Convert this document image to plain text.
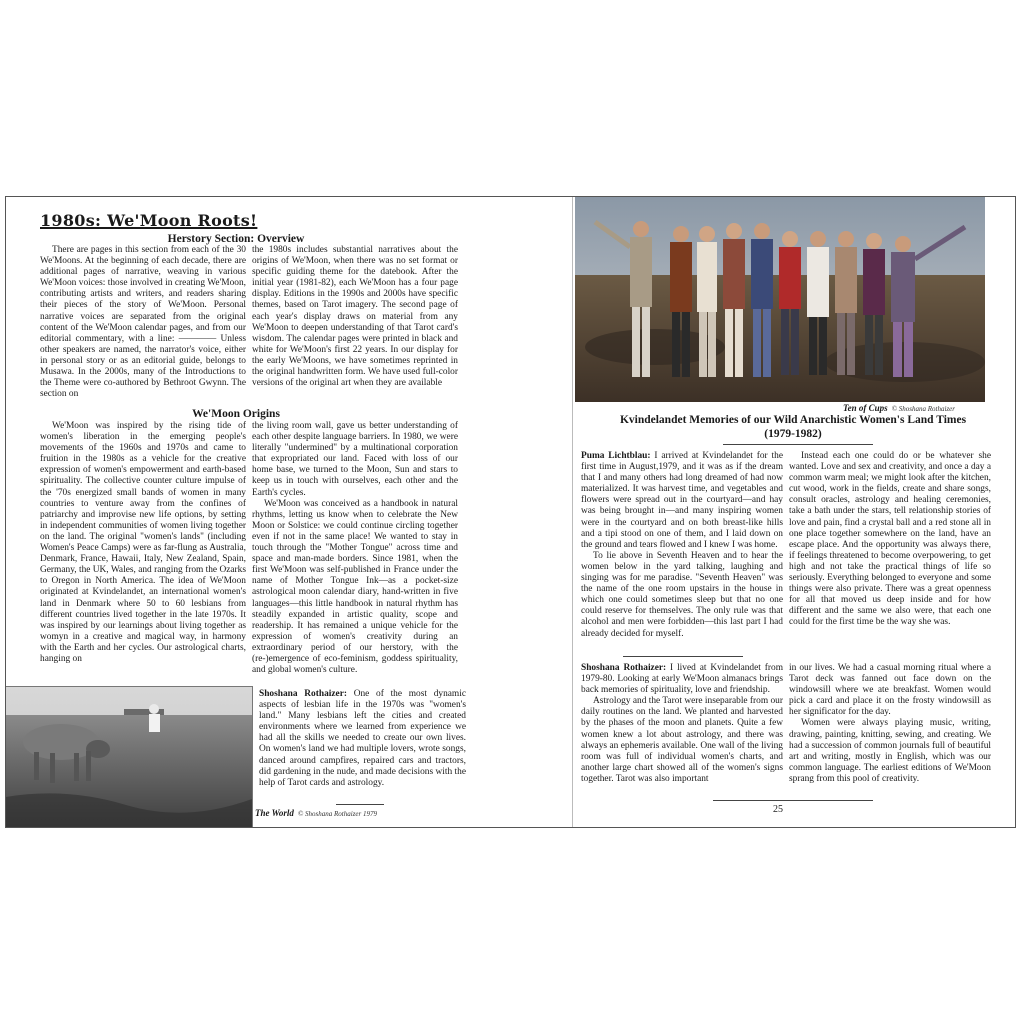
1980s: We'Moon Roots!
Herstory Section: Overview

There are pages in this section from each of the 30 We'Moons. At the beginning of each decade, there are additional pages of narrative, weaving in various We'Moon voices: those involved in creating We'Moon, contributing artists and writers, and readers sharing their pieces of the story of We'Moon. Personal narrative voices are separated from the original content of the We'Moon calendar pages, and from our editorial commentary, with a line: ———— Unless other speakers are named, the narrator's voice, either in personal story or as an editorial guide, belongs to Musawa. In the 2000s, many of the Introductions to the Theme were co-authored by Bethroot Gwynn. The section on

the 1980s includes substantial narratives about the origins of We'Moon, when there was no set format or specific guiding theme for the datebook. After the initial year (1981-82), each We'Moon has a four page display. Editions in the 1990s and 2000s have specific themes, based on Tarot imagery. The second page of each year's display draws on material from any We'Moon to deepen understanding of that Tarot card's wisdom. The calendar pages were printed in black and white for We'Moon's first 22 years. In our display for the early We'Moons, we have sometimes reprinted in the original handwritten form. We have used full-color versions of the original art when they are available

We'Moon Origins

We'Moon was inspired by the rising tide of women's liberation in the emerging people's movements of the 1960s and 1970s and came to fruition in the 1980s as a vehicle for the creative expression of women's empowerment and earth-based spirituality. The collective counter culture impulse of the '70s energized small bands of women in many countries to venture away from the confines of patriarchy and improvise new life options, by setting in independent communities of women living together on the land. The original "women's lands" (including Women's Peace Camps) were as far-flung as Australia, Denmark, France, Hawaii, Italy, New Zealand, Spain, Germany, the UK, Wales, and ranging from the Ozarks to Oregon in North America. The idea of We'Moon originated at Kvindelandet, an international women's land in Denmark where 50 to 60 lesbians from different countries lived together in the late 1970s. It was inspired by our learnings about living together as womyn in a creative and magical way, in harmony with the Earth and her cycles. Our astrological charts, hanging on

the living room wall, gave us better understanding of each other despite language barriers. In 1980, we were literally "undermined" by a multinational corporation that expropriated our land. Faced with loss of our home base, we turned to the Moon, Sun and stars to keep us in touch with ourselves, each other and the Earth's cycles.

We'Moon was conceived as a handbook in natural rhythms, letting us know when to celebrate the New Moon or Solstice: we could continue circling together even if not in the same place! We wanted to stay in touch through the "Mother Tongue" across time and space and man-made borders. Since 1981, when the first We'Moon was self-published in France under the name of Mother Tongue Ink—as a pocket-size astrological moon calendar diary, hand-written in five languages—this little handbook in natural rhythm has steadily expanded in artistic quality, scope and readership. It has remained a unique vehicle for the expression of women's creativity during an extraordinary period of our herstory, with the (re-)emergence of eco-feminism, goddess spirituality, and global women's culture.

Shoshana Rothaizer: One of the most dynamic aspects of lesbian life in the 1970s was "women's land." Many lesbians left the cities and created environments where we learned from experience we had all the skills we needed to create our own lives. On women's land we had multiple lovers, wrote songs, danced around campfires, repaired cars and tractors, did gardening in the nude, and made decisions with the help of Tarot cards and astrology.

The World © Shoshana Rothaizer 1979
Ten of Cups © Shoshana Rothaizer
Kvindelandet Memories of our Wild Anarchistic Women's Land Times
(1979-1982)

Puma Lichtblau: I arrived at Kvindelandet for the first time in August,1979, and it was as if the dream that I and many others had long dreamed of had now materialized. It was harvest time, and vegetables and flowers were spread out in the courtyard—and hay was being brought in—and many inspiring women were in the courtyard and on both breast-like hills and a tipi stood on one of them, and I laid down on the ground and tears flowed and I knew I was home.

To lie above in Seventh Heaven and to hear the women below in the yard talking, laughing and singing was for me paradise. "Seventh Heaven" was the name of the one room upstairs in the house in which one could sometimes sleep but that no one could reserve for themselves. The only rule was that alcohol and men were forbidden—this last part I had already decided for myself.

Instead each one could do or be whatever she wanted. Love and sex and creativity, and once a day a common warm meal; we might look after the kitchen, cut wood, work in the fields, create and share songs, consult oracles, astrology and healing ceremonies, take a bath under the stars, tell relationship stories of love and pain, find a crystal ball and a red stone all in one place together somewhere on the land, have an escape place. And the opportunity was always there, if feelings threatened to become overpowering, to get high and not take the practical things of life so seriously. Everything belonged to everyone and some things were also private. There was a great openness for all that moved us deep inside and for how different and the same we also were, that each one could for the first time be the way she was.

Shoshana Rothaizer: I lived at Kvindelandet from 1979-80. Looking at early We'Moon almanacs brings back memories of spirituality, love and friendship.

Astrology and the Tarot were inseparable from our daily routines on the land. We planted and harvested by the phases of the moon and planets. Quite a few women knew a lot about astrology, and there was always an ephemeris available. One wall of the living room was full of individual women's charts, and another large chart showed all of the women's signs together. Tarot was also important

in our lives. We had a casual morning ritual where a Tarot deck was fanned out face down on the windowsill where we ate breakfast. Women would pick a card and place it on the frosty windowsill as her significator for the day.

Women were always playing music, writing, drawing, painting, knitting, sewing, and creating. We had a succession of common journals full of beautiful art and writing, mostly in English, which was our common language. The earliest editions of We'Moon sprang from this pool of creativity.

25
